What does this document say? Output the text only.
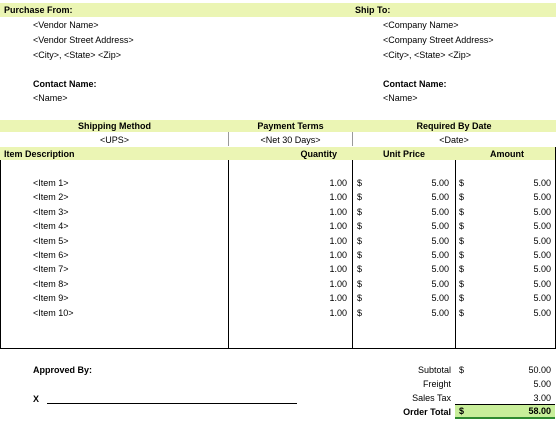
Purchase From:	Ship To:
<Vendor Name>
<Vendor Street Address>
<City>, <State> <Zip>
Contact Name:
<Name>
<Company Name>
<Company Street Address>
<City>, <State> <Zip>
Contact Name:
<Name>
Shipping Method	Payment Terms	Required By Date
<UPS>	<Net 30 Days>	<Date>
Item Description	Quantity	Unit Price	Amount
<Item 1>	1.00 $	5.00 $	5.00
<Item 2>	1.00 $	5.00 $	5.00
<Item 3>	1.00 $	5.00 $	5.00
<Item 4>	1.00 $	5.00 $	5.00
<Item 5>	1.00 $	5.00 $	5.00
<Item 6>	1.00 $	5.00 $	5.00
<Item 7>	1.00 $	5.00 $	5.00
<Item 8>	1.00 $	5.00 $	5.00
<Item 9>	1.00 $	5.00 $	5.00
<Item 10>	1.00 $	5.00 $	5.00
Approved By:
X
Subtotal $	50.00
Freight	5.00
Sales Tax	3.00
Order Total $	58.00
